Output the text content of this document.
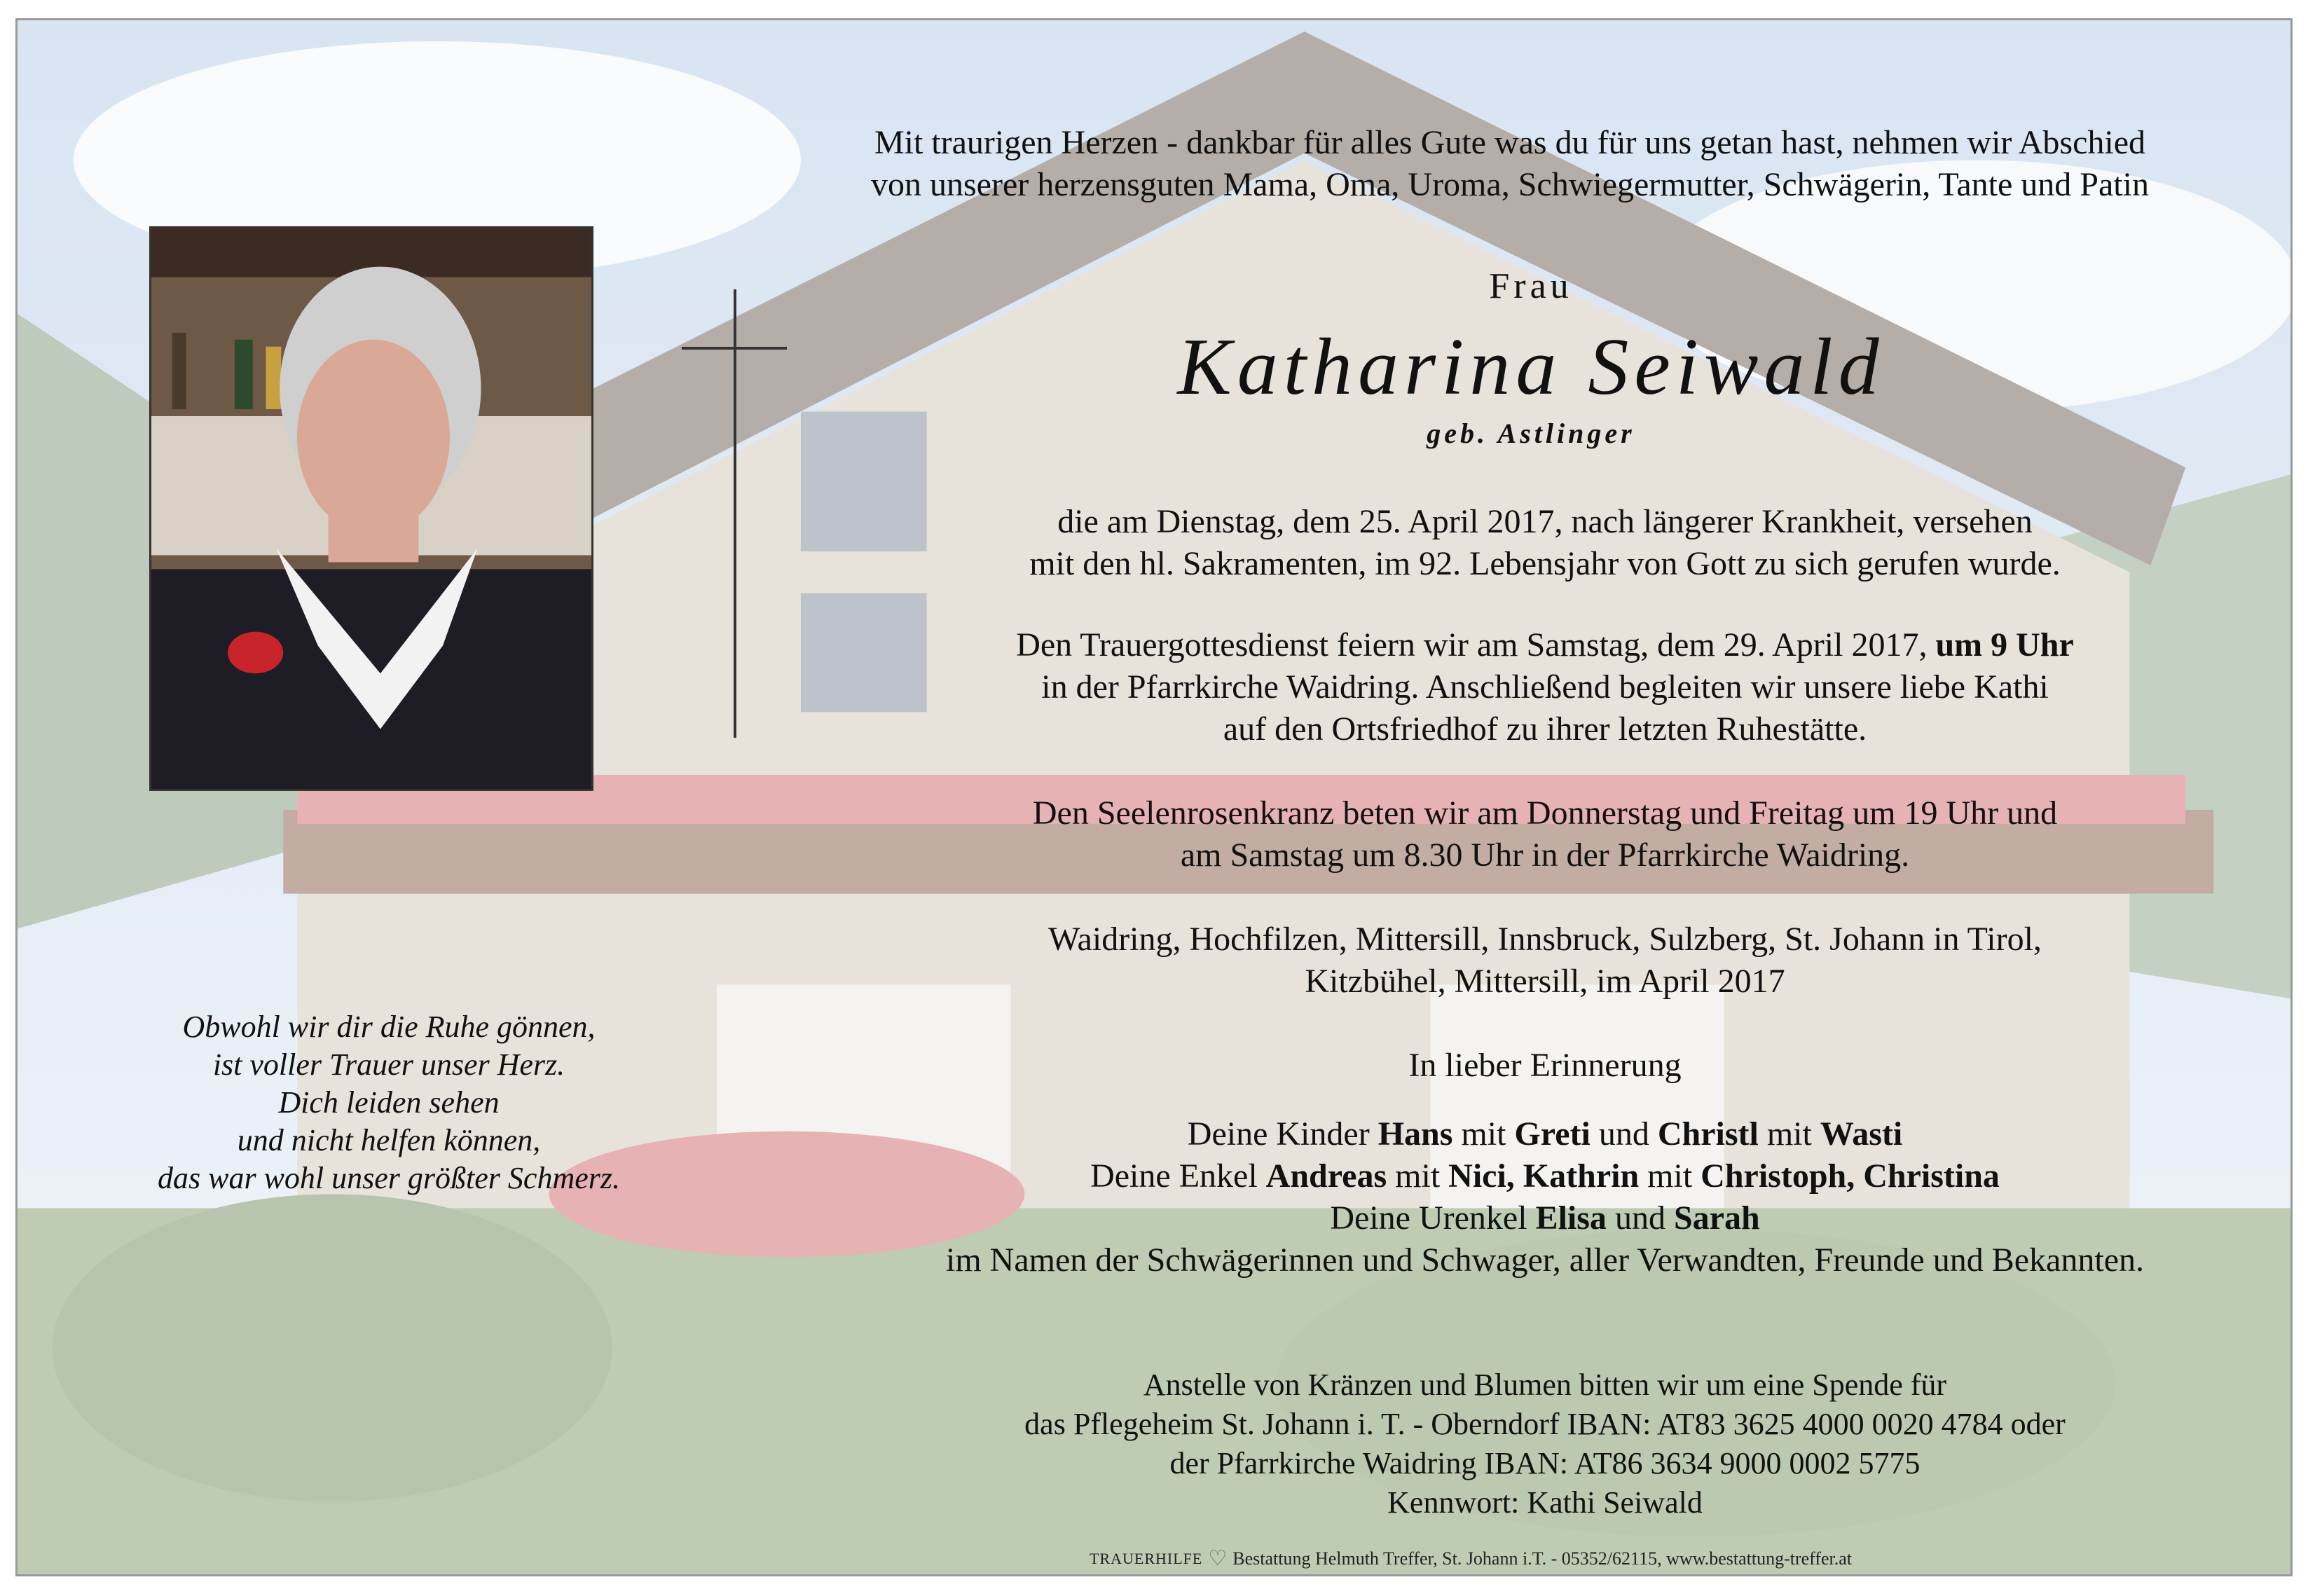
Mit traurigen Herzen - dankbar für alles Gute was du für uns getan hast, nehmen wir Abschied
von unserer herzensguten Mama, Oma, Uroma, Schwiegermutter, Schwägerin, Tante und Patin
Frau
Katharina Seiwald
geb. Astlinger
die am Dienstag, dem 25. April 2017, nach längerer Krankheit, versehen
mit den hl. Sakramenten, im 92. Lebensjahr von Gott zu sich gerufen wurde.
Den Trauergottesdienst feiern wir am Samstag, dem 29. April 2017, um 9 Uhr
in der Pfarrkirche Waidring. Anschließend begleiten wir unsere liebe Kathi
auf den Ortsfriedhof zu ihrer letzten Ruhestätte.
Den Seelenrosenkranz beten wir am Donnerstag und Freitag um 19 Uhr und
am Samstag um 8.30 Uhr in der Pfarrkirche Waidring.
Waidring, Hochfilzen, Mittersill, Innsbruck, Sulzberg, St. Johann in Tirol,
Kitzbühel, Mittersill, im April 2017
In lieber Erinnerung
Deine Kinder Hans mit Greti und Christl mit Wasti
Deine Enkel Andreas mit Nici, Kathrin mit Christoph, Christina
Deine Urenkel Elisa und Sarah
im Namen der Schwägerinnen und Schwager, aller Verwandten, Freunde und Bekannten.
Anstelle von Kränzen und Blumen bitten wir um eine Spende für
das Pflegeheim St. Johann i. T. - Oberndorf IBAN: AT83 3625 4000 0020 4784 oder
der Pfarrkirche Waidring IBAN: AT86 3634 9000 0002 5775
Kennwort: Kathi Seiwald
Obwohl wir dir die Ruhe gönnen,
ist voller Trauer unser Herz.
Dich leiden sehen
und nicht helfen können,
das war wohl unser größter Schmerz.
TRAUERHILFE ♡ Bestattung Helmuth Treffer, St. Johann i.T. - 05352/62115, www.bestattung-treffer.at
